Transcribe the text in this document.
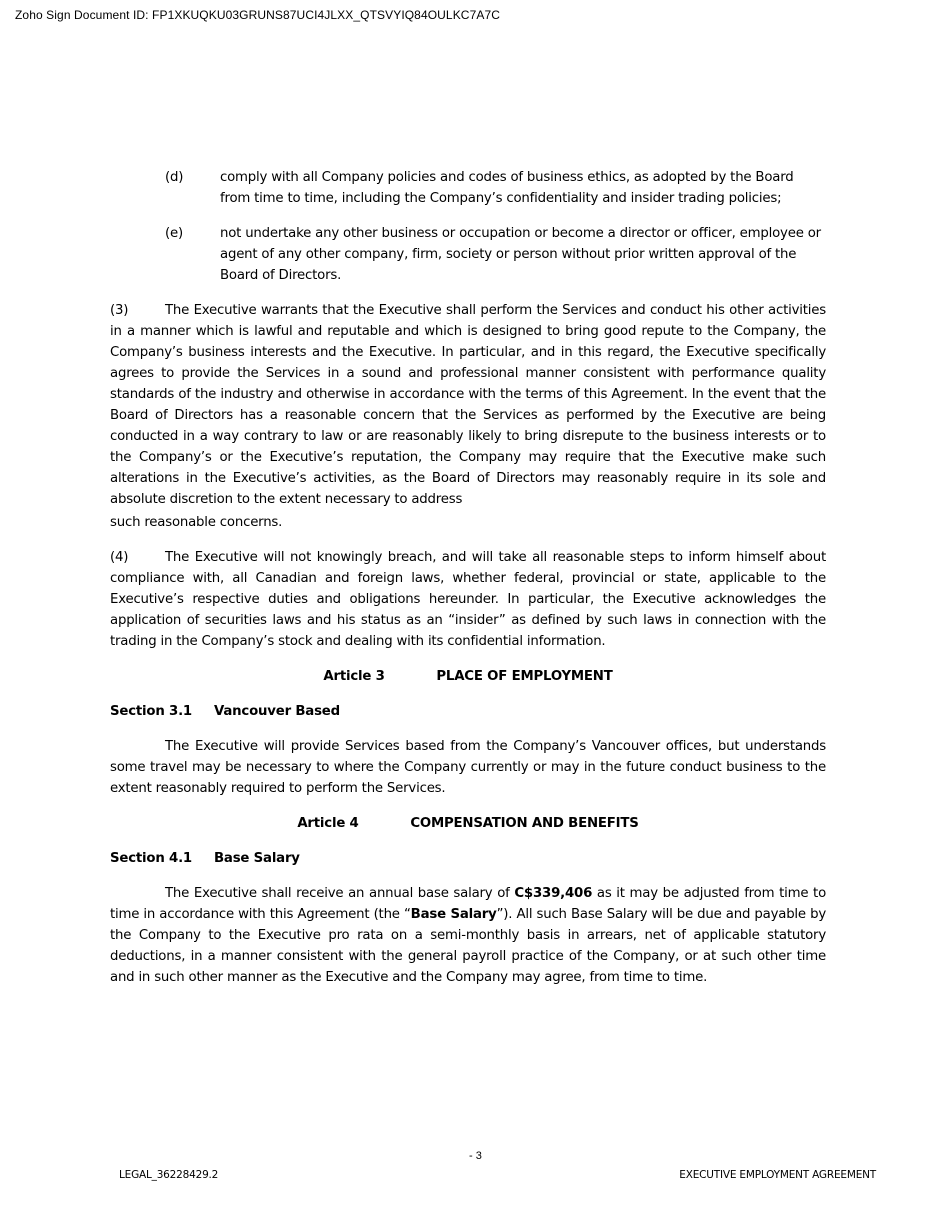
Zoho Sign Document ID: FP1XKUQKU03GRUNS87UCI4JLXX_QTSVYIQ84OULKC7A7C
(d)	comply with all Company policies and codes of business ethics, as adopted by the Board from time to time, including the Company’s confidentiality and insider trading policies;
(e)	not undertake any other business or occupation or become a director or officer, employee or agent of any other company, firm, society or person without prior written approval of the Board of Directors.
(3)	The Executive warrants that the Executive shall perform the Services and conduct his other activities in a manner which is lawful and reputable and which is designed to bring good repute to the Company, the Company’s business interests and the Executive. In particular, and in this regard, the Executive specifically agrees to provide the Services in a sound and professional manner consistent with performance quality standards of the industry and otherwise in accordance with the terms of this Agreement. In the event that the Board of Directors has a reasonable concern that the Services as performed by the Executive are being conducted in a way contrary to law or are reasonably likely to bring disrepute to the business interests or to the Company’s or the Executive’s reputation, the Company may require that the Executive make such alterations in the Executive’s activities, as the Board of Directors may reasonably require in its sole and absolute discretion to the extent necessary to address
such reasonable concerns.
(4)	The Executive will not knowingly breach, and will take all reasonable steps to inform himself about compliance with, all Canadian and foreign laws, whether federal, provincial or state, applicable to the Executive’s respective duties and obligations hereunder. In particular, the Executive acknowledges the application of securities laws and his status as an “insider” as defined by such laws in connection with the trading in the Company’s stock and dealing with its confidential information.
Article 3	PLACE OF EMPLOYMENT
Section 3.1 Vancouver Based
The Executive will provide Services based from the Company’s Vancouver offices, but understands some travel may be necessary to where the Company currently or may in the future conduct business to the extent reasonably required to perform the Services.
Article 4	COMPENSATION AND BENEFITS
Section 4.1 Base Salary
The Executive shall receive an annual base salary of C$339,406 as it may be adjusted from time to time in accordance with this Agreement (the “Base Salary”). All such Base Salary will be due and payable by the Company to the Executive pro rata on a semi-monthly basis in arrears, net of applicable statutory deductions, in a manner consistent with the general payroll practice of the Company, or at such other time and in such other manner as the Executive and the Company may agree, from time to time.
- 3
LEGAL_36228429.2	EXECUTIVE EMPLOYMENT AGREEMENT
